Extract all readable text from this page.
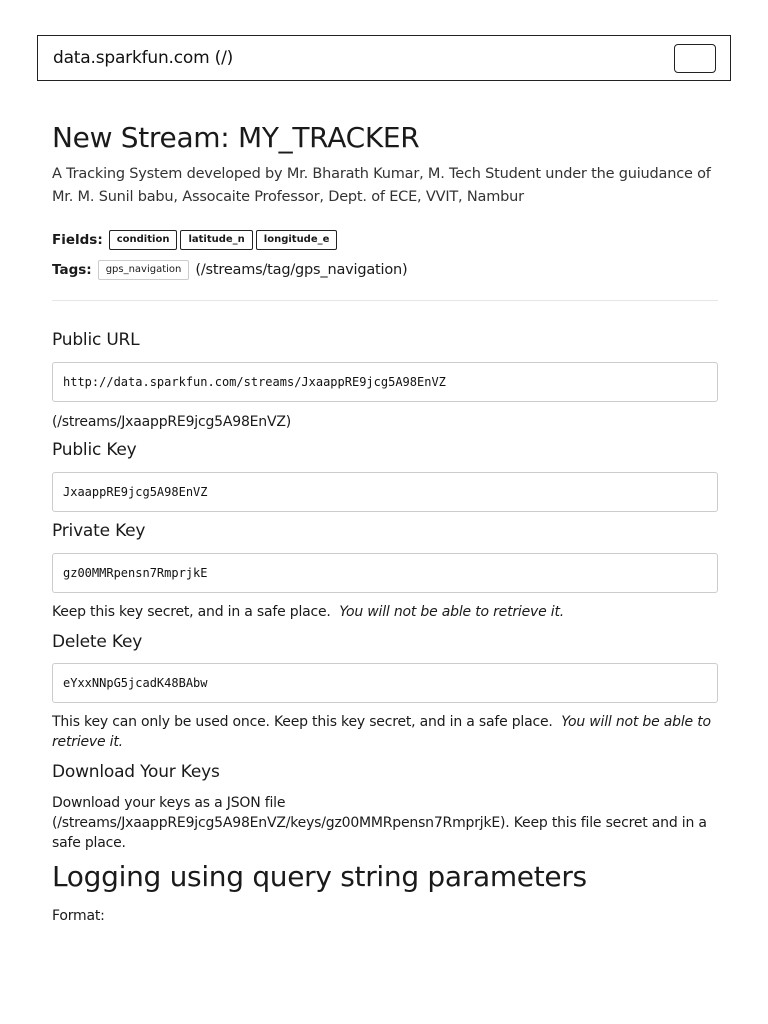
data.sparkfun.com (/)
New Stream: MY_TRACKER

A Tracking System developed by Mr. Bharath Kumar, M. Tech Student under the guiudance of Mr. M. Sunil babu, Assocaite Professor, Dept. of ECE, VVIT, Nambur

Fields:	condition	latitude_n	longitude_e
Tags:	gps_navigation (/streams/tag/gps_navigation)
Public URL
http://data.sparkfun.com/streams/JxaappRE9jcg5A98EnVZ
(/streams/JxaappRE9jcg5A98EnVZ)
Public Key
JxaappRE9jcg5A98EnVZ
Private Key
gz00MMRpensn7RmprjkE
Keep this key secret, and in a safe place. You will not be able to retrieve it.
Delete Key
eYxxNNpG5jcadK48BAbw
This key can only be used once. Keep this key secret, and in a safe place. You will not be able to retrieve it.
Download Your Keys
Download your keys as a JSON file (/streams/JxaappRE9jcg5A98EnVZ/keys/gz00MMRpensn7RmprjkE). Keep this file secret and in a safe place.
Logging using query string parameters
Format:
